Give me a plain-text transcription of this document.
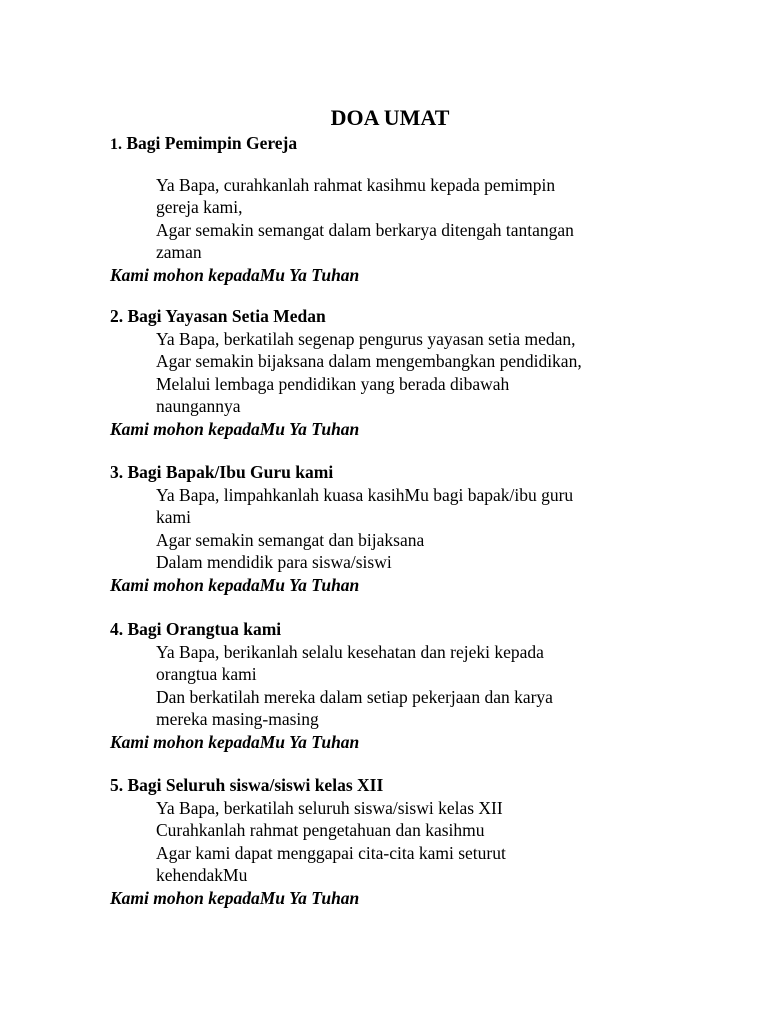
DOA UMAT

1. Bagi Pemimpin Gereja

Ya Bapa, curahkanlah rahmat kasihmu kepada pemimpin
gereja kami,
Agar semakin semangat dalam berkarya ditengah tantangan
zaman

Kami mohon kepadaMu Ya Tuhan

2. Bagi Yayasan Setia Medan

Ya Bapa, berkatilah segenap pengurus yayasan setia medan,
Agar semakin bijaksana dalam mengembangkan pendidikan,
Melalui lembaga pendidikan yang berada dibawah
naungannya

Kami mohon kepadaMu Ya Tuhan

3. Bagi Bapak/Ibu Guru kami

Ya Bapa, limpahkanlah kuasa kasihMu bagi bapak/ibu guru
kami
Agar semakin semangat dan bijaksana
Dalam mendidik para siswa/siswi

Kami mohon kepadaMu Ya Tuhan

4. Bagi Orangtua kami

Ya Bapa, berikanlah selalu kesehatan dan rejeki kepada
orangtua kami
Dan berkatilah mereka dalam setiap pekerjaan dan karya
mereka masing-masing

Kami mohon kepadaMu Ya Tuhan

5. Bagi Seluruh siswa/siswi kelas XII

Ya Bapa, berkatilah seluruh siswa/siswi kelas XII
Curahkanlah rahmat pengetahuan dan kasihmu
Agar kami dapat menggapai cita-cita kami seturut
kehendakMu

Kami mohon kepadaMu Ya Tuhan
